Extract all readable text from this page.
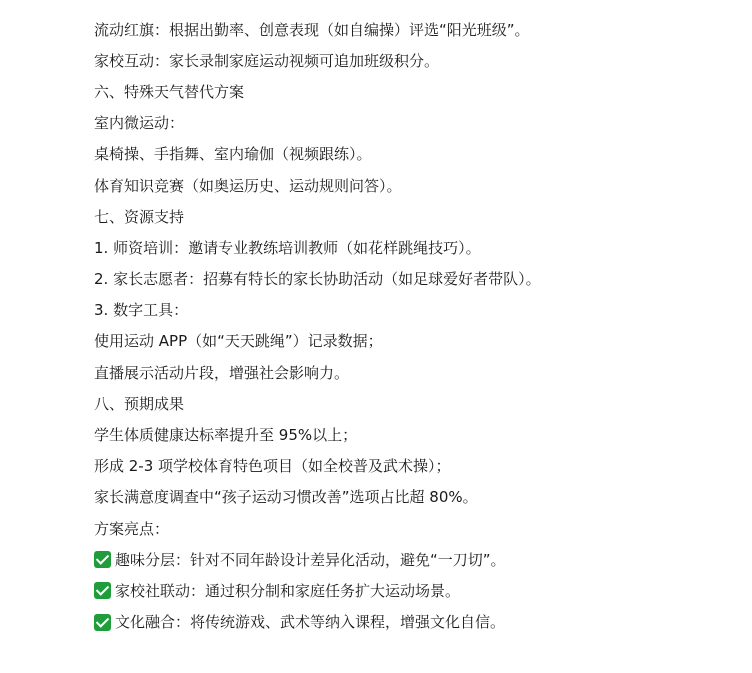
流动红旗：根据出勤率、创意表现（如自编操）评选“阳光班级”。
家校互动：家长录制家庭运动视频可追加班级积分。
六、特殊天气替代方案
室内微运动：
桌椅操、手指舞、室内瑜伽（视频跟练）。
体育知识竞赛（如奥运历史、运动规则问答）。
七、资源支持
1. 师资培训：邀请专业教练培训教师（如花样跳绳技巧）。
2. 家长志愿者：招募有特长的家长协助活动（如足球爱好者带队）。
3. 数字工具：
使用运动 APP（如“天天跳绳”）记录数据；
直播展示活动片段，增强社会影响力。
八、预期成果
学生体质健康达标率提升至 95%以上；
形成 2-3 项学校体育特色项目（如全校普及武术操）；
家长满意度调查中“孩子运动习惯改善”选项占比超 80%。
方案亮点：
趣味分层：针对不同年龄设计差异化活动，避免“一刀切”。
家校社联动：通过积分制和家庭任务扩大运动场景。
文化融合：将传统游戏、武术等纳入课程，增强文化自信。
